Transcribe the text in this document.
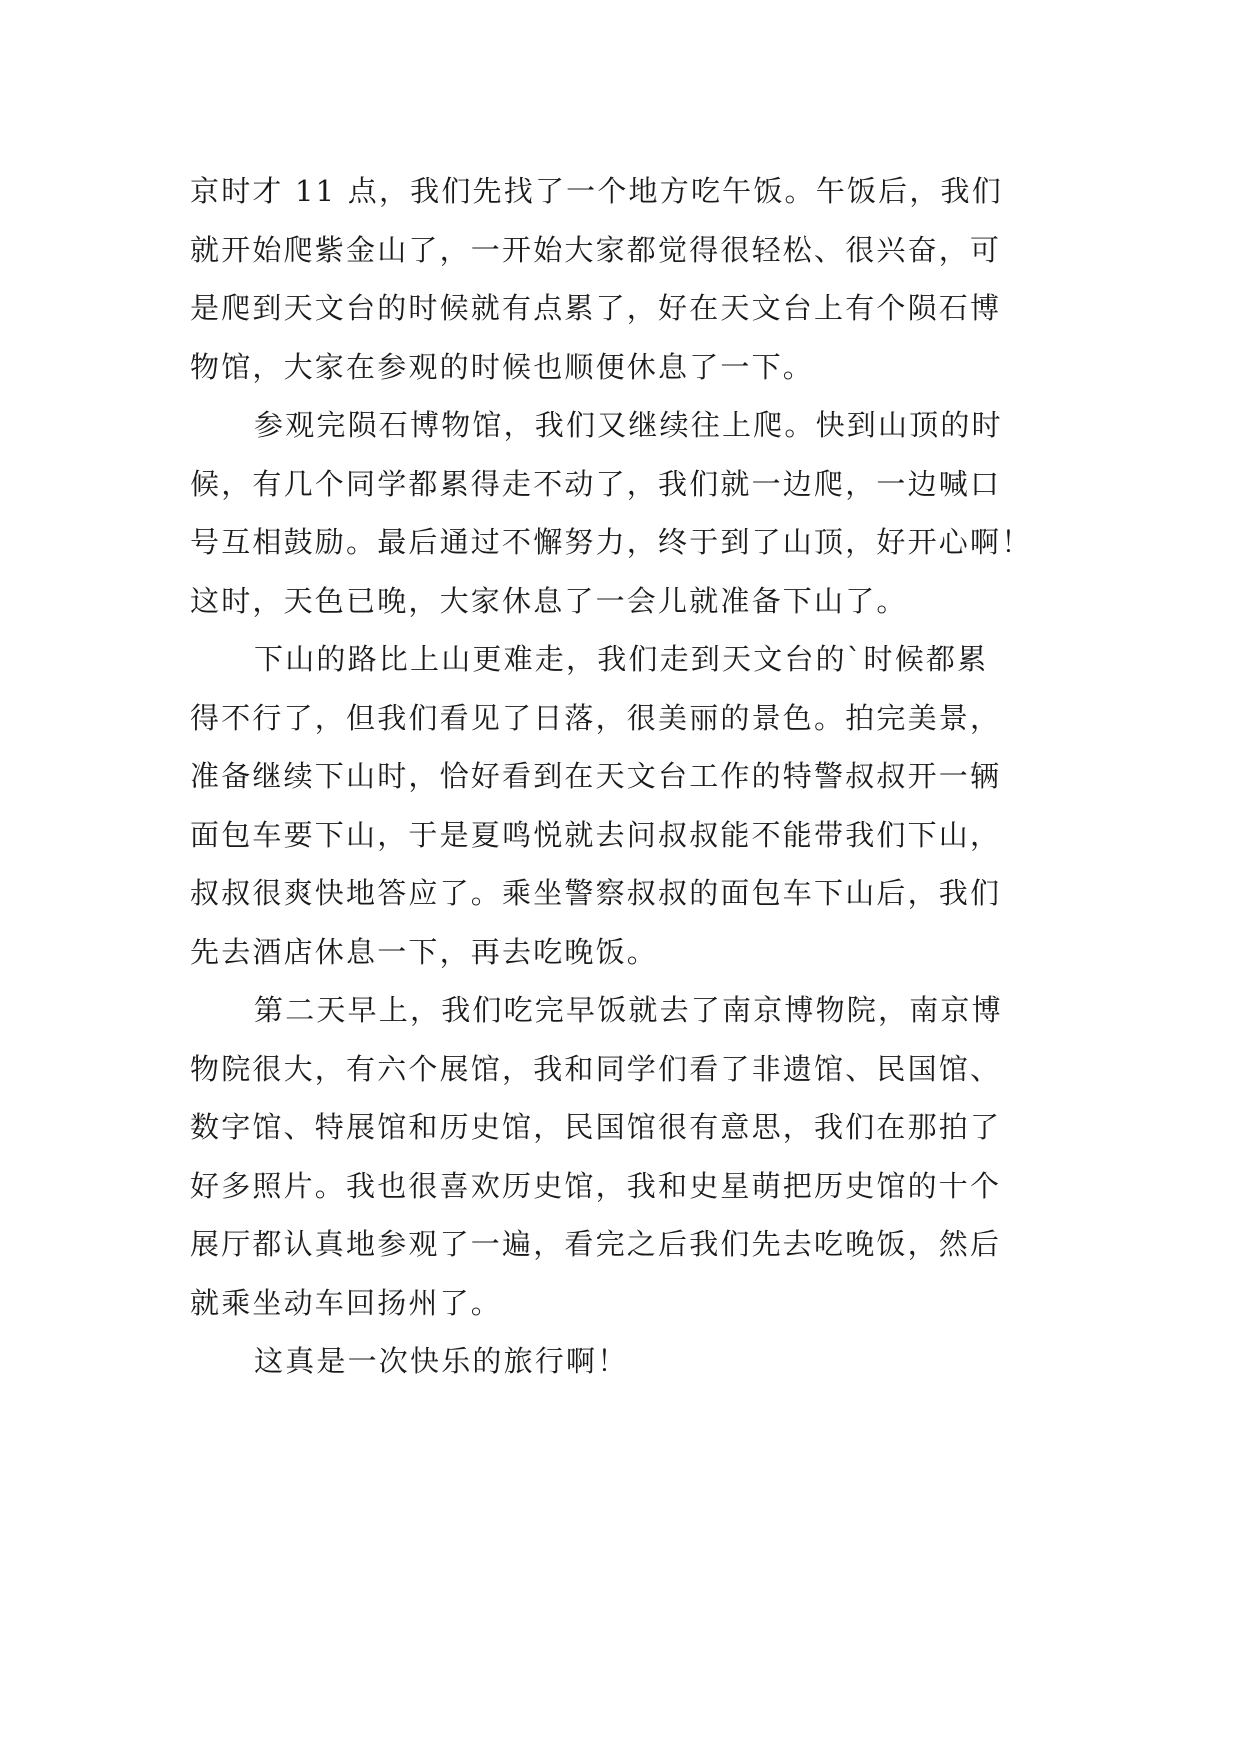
京时才 11 点，我们先找了一个地方吃午饭。午饭后，我们
就开始爬紫金山了，一开始大家都觉得很轻松、很兴奋，可
是爬到天文台的时候就有点累了，好在天文台上有个陨石博
物馆，大家在参观的时候也顺便休息了一下。
参观完陨石博物馆，我们又继续往上爬。快到山顶的时
候，有几个同学都累得走不动了，我们就一边爬，一边喊口
号互相鼓励。最后通过不懈努力，终于到了山顶，好开心啊！
这时，天色已晚，大家休息了一会儿就准备下山了。
下山的路比上山更难走，我们走到天文台的`时候都累
得不行了，但我们看见了日落，很美丽的景色。拍完美景，
准备继续下山时，恰好看到在天文台工作的特警叔叔开一辆
面包车要下山，于是夏鸣悦就去问叔叔能不能带我们下山，
叔叔很爽快地答应了。乘坐警察叔叔的面包车下山后，我们
先去酒店休息一下，再去吃晚饭。
第二天早上，我们吃完早饭就去了南京博物院，南京博
物院很大，有六个展馆，我和同学们看了非遗馆、民国馆、
数字馆、特展馆和历史馆，民国馆很有意思，我们在那拍了
好多照片。我也很喜欢历史馆，我和史星萌把历史馆的十个
展厅都认真地参观了一遍，看完之后我们先去吃晚饭，然后
就乘坐动车回扬州了。
这真是一次快乐的旅行啊！
